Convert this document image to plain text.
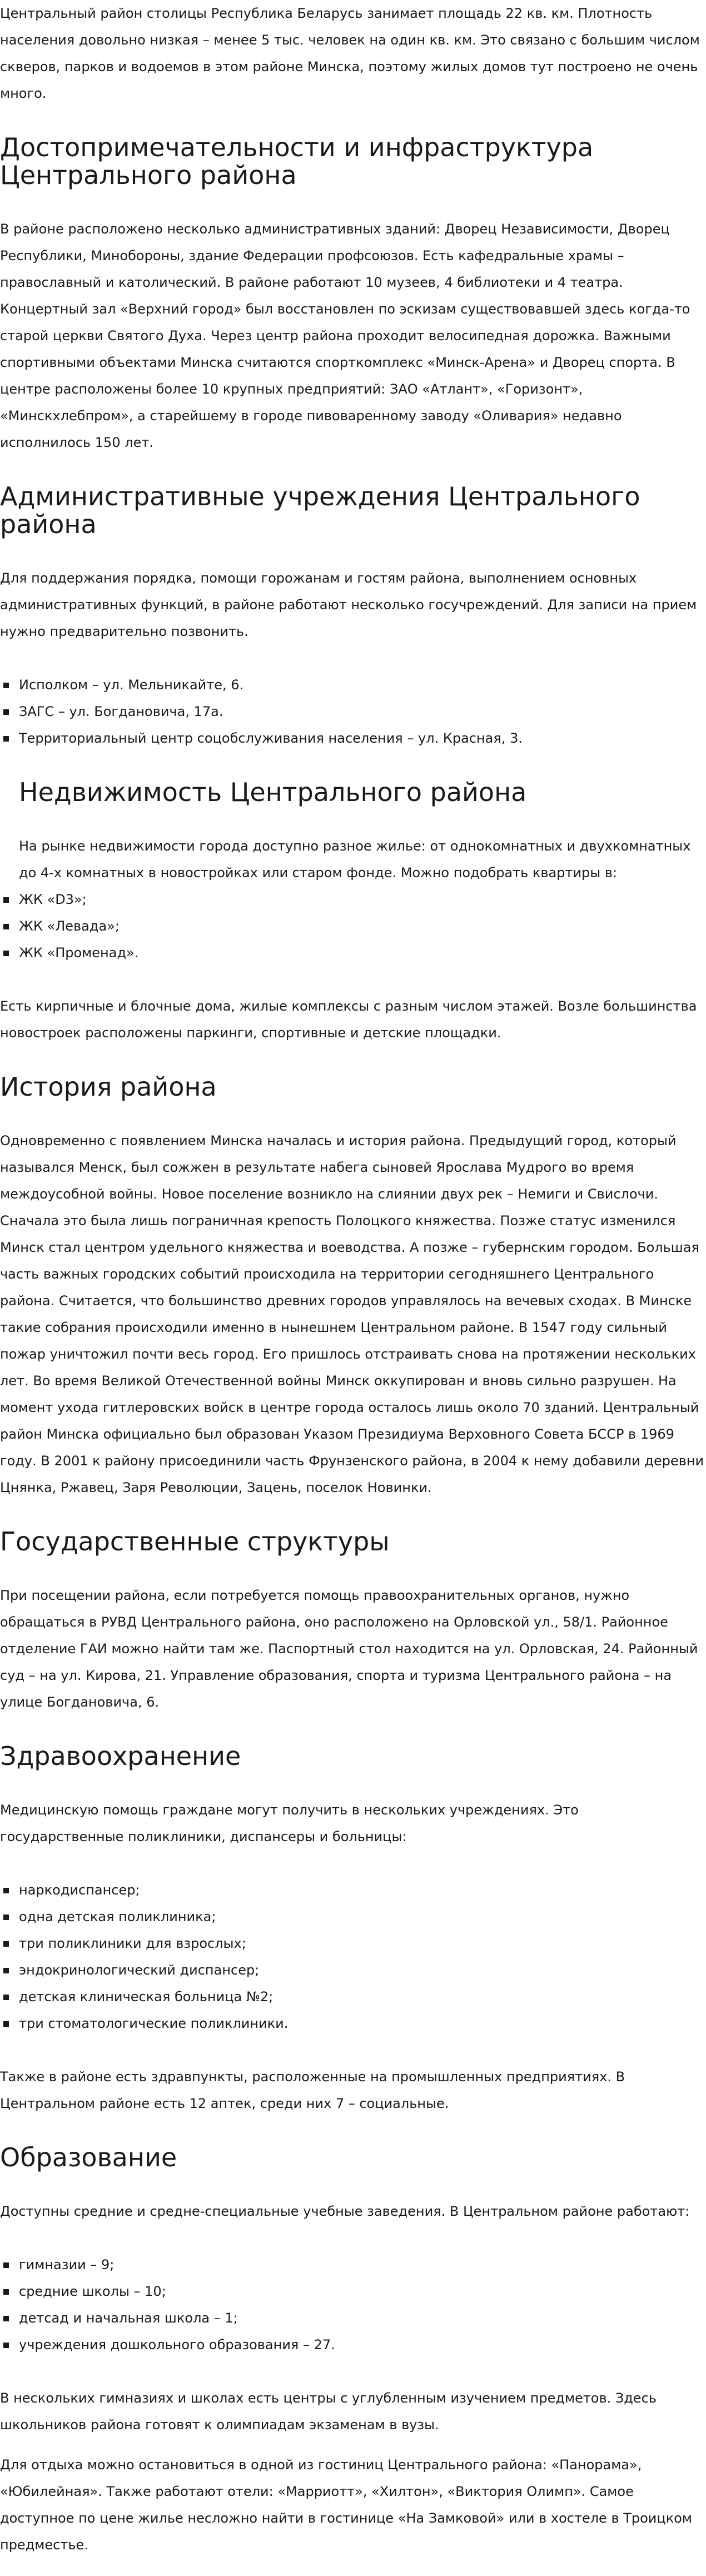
Центральный район столицы Республика Беларусь занимает площадь 22 кв. км. Плотность населения довольно низкая – менее 5 тыс. человек на один кв. км. Это связано с большим числом скверов, парков и водоемов в этом районе Минска, поэтому жилых домов тут построено не очень много.

Достопримечательности и инфраструктура Центрального района

В районе расположено несколько административных зданий: Дворец Независимости, Дворец Республики, Минобороны, здание Федерации профсоюзов. Есть кафедральные храмы – православный и католический. В районе работают 10 музеев, 4 библиотеки и 4 театра. Концертный зал «Верхний город» был восстановлен по эскизам существовавшей здесь когда-то старой церкви Святого Духа. Через центр района проходит велосипедная дорожка. Важными спортивными объектами Минска считаются спорткомплекс «Минск-Арена» и Дворец спорта. В центре расположены более 10 крупных предприятий: ЗАО «Атлант», «Горизонт», «Минскхлебпром», а старейшему в городе пивоваренному заводу «Оливария» недавно исполнилось 150 лет.

Административные учреждения Центрального района

Для поддержания порядка, помощи горожанам и гостям района, выполнением основных административных функций, в районе работают несколько госучреждений. Для записи на прием нужно предварительно позвонить.

Исполком – ул. Мельникайте, 6.
ЗАГС – ул. Богдановича, 17а.
Территориальный центр соцобслуживания населения – ул. Красная, 3.
Недвижимость Центрального района

На рынке недвижимости города доступно разное жилье: от однокомнатных и двухкомнатных до 4-х комнатных в новостройках или старом фонде. Можно подобрать квартиры в:

ЖК «D3»;
ЖК «Левада»;
ЖК «Променад».

Есть кирпичные и блочные дома, жилые комплексы с разным числом этажей. Возле большинства новостроек расположены паркинги, спортивные и детские площадки.

История района

Одновременно с появлением Минска началась и история района. Предыдущий город, который назывался Менск, был сожжен в результате набега сыновей Ярослава Мудрого во время междоусобной войны. Новое поселение возникло на слиянии двух рек – Немиги и Свислочи. Сначала это была лишь пограничная крепость Полоцкого княжества. Позже статус изменился Минск стал центром удельного княжества и воеводства. А позже – губернским городом. Большая часть важных городских событий происходила на территории сегодняшнего Центрального района. Считается, что большинство древних городов управлялось на вечевых сходах. В Минске такие собрания происходили именно в нынешнем Центральном районе. В 1547 году сильный пожар уничтожил почти весь город. Его пришлось отстраивать снова на протяжении нескольких лет. Во время Великой Отечественной войны Минск оккупирован и вновь сильно разрушен. На момент ухода гитлеровских войск в центре города осталось лишь около 70 зданий. Центральный район Минска официально был образован Указом Президиума Верховного Совета БССР в 1969 году. В 2001 к району присоединили часть Фрунзенского района, в 2004 к нему добавили деревни Цнянка, Ржавец, Заря Революции, Зацень, поселок Новинки.

Государственные структуры

При посещении района, если потребуется помощь правоохранительных органов, нужно обращаться в РУВД Центрального района, оно расположено на Орловской ул., 58/1. Районное отделение ГАИ можно найти там же. Паспортный стол находится на ул. Орловская, 24. Районный суд – на ул. Кирова, 21. Управление образования, спорта и туризма Центрального района – на улице Богдановича, 6.

Здравоохранение

Медицинскую помощь граждане могут получить в нескольких учреждениях. Это государственные поликлиники, диспансеры и больницы:

наркодиспансер;
одна детская поликлиника;
три поликлиники для взрослых;
эндокринологический диспансер;
детская клиническая больница №2;
три стоматологические поликлиники.

Также в районе есть здравпункты, расположенные на промышленных предприятиях. В Центральном районе есть 12 аптек, среди них 7 – социальные.

Образование

Доступны средние и средне-специальные учебные заведения. В Центральном районе работают:

гимназии – 9;
средние школы – 10;
детсад и начальная школа – 1;
учреждения дошкольного образования – 27.

В нескольких гимназиях и школах есть центры с углубленным изучением предметов. Здесь школьников района готовят к олимпиадам экзаменам в вузы.

Для отдыха можно остановиться в одной из гостиниц Центрального района: «Панорама», «Юбилейная». Также работают отели: «Марриотт», «Хилтон», «Виктория Олимп». Самое доступное по цене жилье несложно найти в гостинице «На Замковой» или в хостеле в Троицком предместье.
